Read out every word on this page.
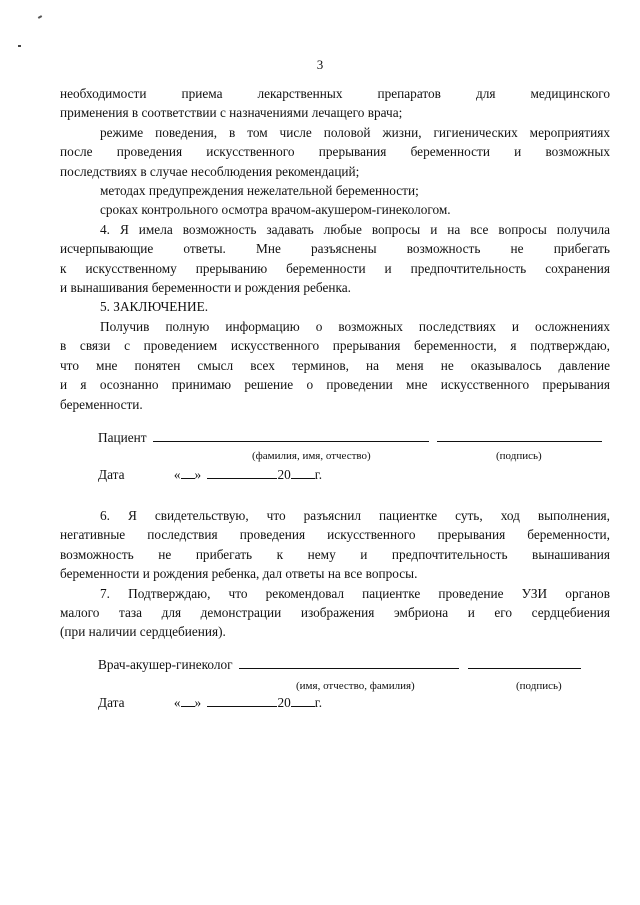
3

необходимости приема лекарственных препаратов для медицинского

применения в соответствии с назначениями лечащего врача;

режиме поведения, в том числе половой жизни, гигиенических мероприятиях

после проведения искусственного прерывания беременности и возможных

последствиях в случае несоблюдения рекомендаций;

методах предупреждения нежелательной беременности;

сроках контрольного осмотра врачом-акушером-гинекологом.

4. Я имела возможность задавать любые вопросы и на все вопросы получила

исчерпывающие ответы. Мне разъяснены возможность не прибегать

к искусственному прерыванию беременности и предпочтительность сохранения

и вынашивания беременности и рождения ребенка.

5. ЗАКЛЮЧЕНИЕ.

Получив полную информацию о возможных последствиях и осложнениях

в связи с проведением искусственного прерывания беременности, я подтверждаю,

что мне понятен смысл всех терминов, на меня не оказывалось давление

и я осознанно принимаю решение о проведении мне искусственного прерывания

беременности.

Пациент
(фамилия, имя, отчество)	(подпись)
Дата	« »	20 г.

6. Я свидетельствую, что разъяснил пациентке суть, ход выполнения,

негативные последствия проведения искусственного прерывания беременности,

возможность не прибегать к нему и предпочтительность вынашивания

беременности и рождения ребенка, дал ответы на все вопросы.

7. Подтверждаю, что рекомендовал пациентке проведение УЗИ органов

малого таза для демонстрации изображения эмбриона и его сердцебиения

(при наличии сердцебиения).

Врач-акушер-гинеколог
(имя, отчество, фамилия)	(подпись)
Дата	« »	20 г.
